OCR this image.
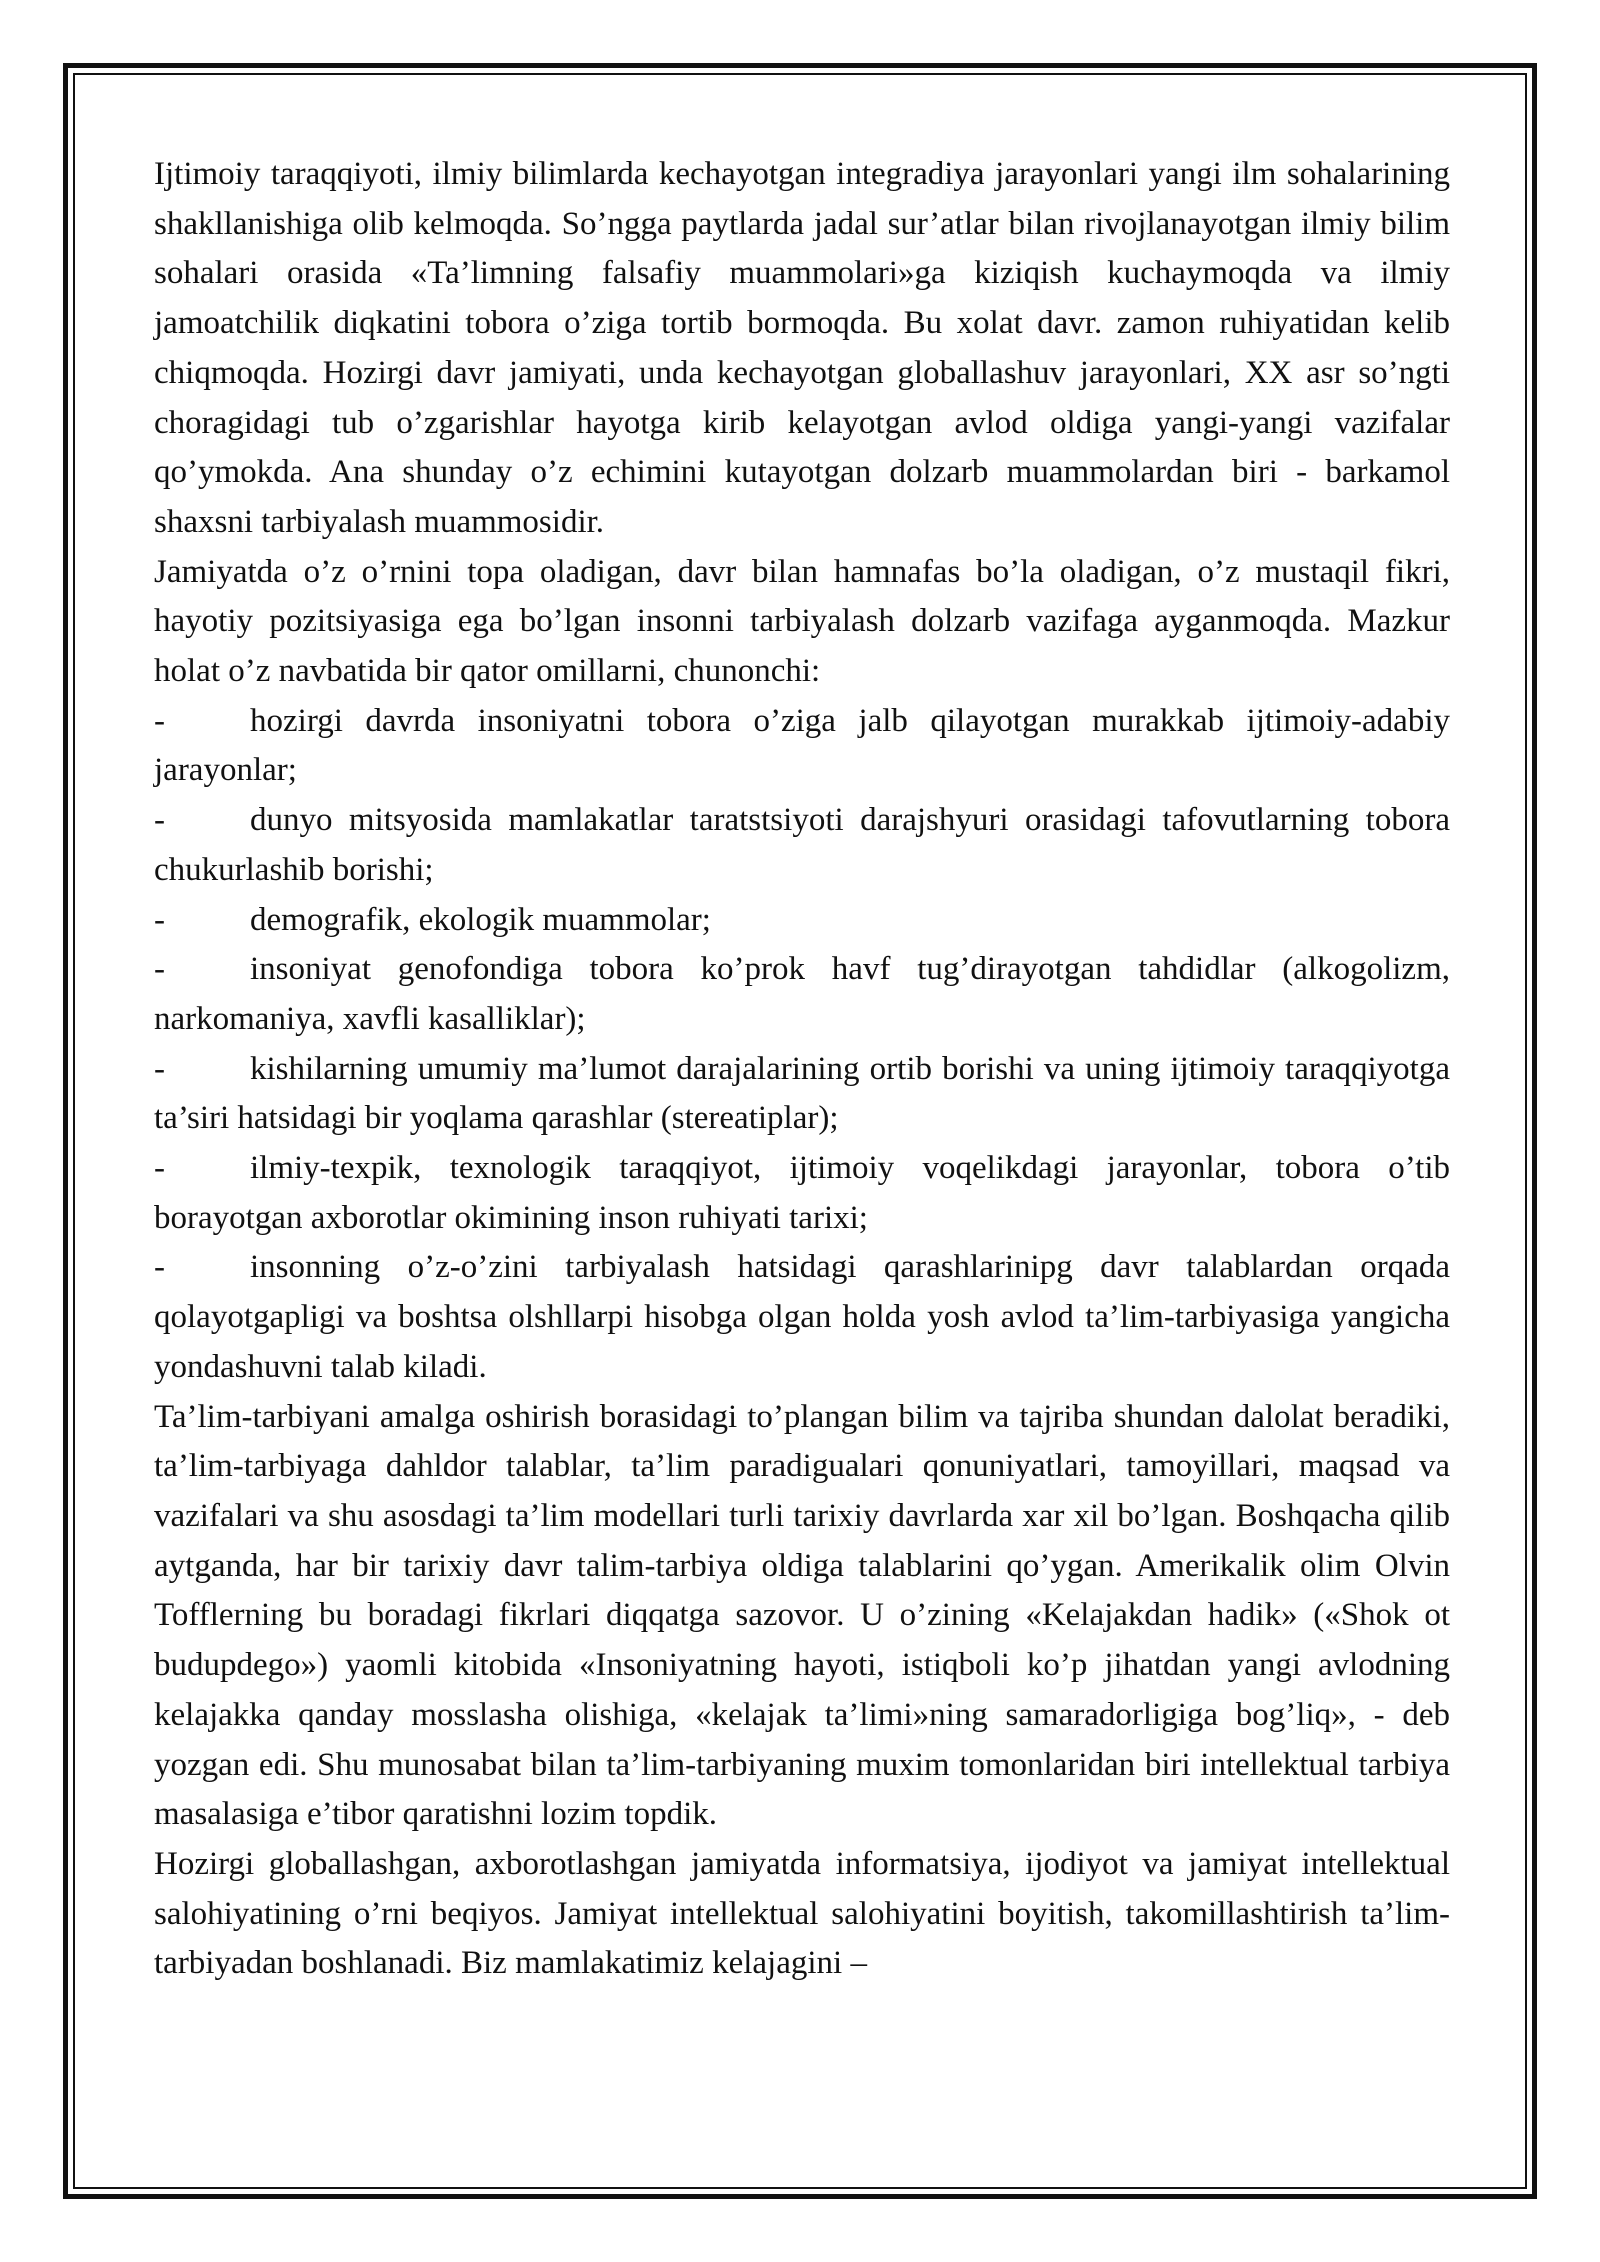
Ijtimoiy taraqqiyoti, ilmiy bilimlarda kechayotgan integradiya jarayonlari yangi ilm sohalarining shakllanishiga olib kelmoqda. So’ngga paytlarda jadal sur’atlar bilan rivojlanayotgan ilmiy bilim sohalari orasida «Ta’limning falsafiy muammolari»ga kiziqish kuchaymoqda va ilmiy jamoatchilik diqkatini tobora o’ziga tortib bormoqda. Bu xolat davr. zamon ruhiyatidan kelib chiqmoqda. Hozirgi davr jamiyati, unda kechayotgan globallashuv jarayonlari, XX asr so’ngti choragidagi tub o’zgarishlar hayotga kirib kelayotgan avlod oldiga yangi-yangi vazifalar qo’ymokda. Ana shunday o’z echimini kutayotgan dolzarb muammolardan biri - barkamol shaxsni tarbiyalash muammosidir.

Jamiyatda o’z o’rnini topa oladigan, davr bilan hamnafas bo’la oladigan, o’z mustaqil fikri, hayotiy pozitsiyasiga ega bo’lgan insonni tarbiyalash dolzarb vazifaga ayganmoqda. Mazkur holat o’z navbatida bir qator omillarni, chunonchi:

-	hozirgi davrda insoniyatni tobora o’ziga jalb qilayotgan murakkab ijtimoiy-adabiy jarayonlar;
-	dunyo mitsyosida mamlakatlar taratstsiyoti darajshyuri orasidagi tafovutlarning tobora chukurlashib borishi;
-	demografik, ekologik muammolar;
-	insoniyat genofondiga tobora ko’prok havf tug’dirayotgan tahdidlar (alkogolizm, narkomaniya, xavfli kasalliklar);
-	kishilarning umumiy ma’lumot darajalarining ortib borishi va uning ijtimoiy taraqqiyotga ta’siri hatsidagi bir yoqlama qarashlar (stereatiplar);
-	ilmiy-texpik, texnologik taraqqiyot, ijtimoiy voqelikdagi jarayonlar, tobora o’tib borayotgan axborotlar okimining inson ruhiyati tarixi;
-	insonning o’z-o’zini tarbiyalash hatsidagi qarashlarinipg davr talablardan orqada qolayotgapligi va boshtsa olshllarpi hisobga olgan holda yosh avlod ta’lim-tarbiyasiga yangicha yondashuvni talab kiladi.

Ta’lim-tarbiyani amalga oshirish borasidagi to’plangan bilim va tajriba shundan dalolat beradiki, ta’lim-tarbiyaga dahldor talablar, ta’lim paradigualari qonuniyatlari, tamoyillari, maqsad va vazifalari va shu asosdagi ta’lim modellari turli tarixiy davrlarda xar xil bo’lgan. Boshqacha qilib aytganda, har bir tarixiy davr talim-tarbiya oldiga talablarini qo’ygan. Amerikalik olim Olvin Tofflerning bu boradagi fikrlari diqqatga sazovor. U o’zining «Kelajakdan hadik» («Shok ot budupdego») yaomli kitobida «Insoniyatning hayoti, istiqboli ko’p jihatdan yangi avlodning kelajakka qanday mosslasha olishiga, «kelajak ta’limi»ning samaradorligiga bog’liq», - deb yozgan edi. Shu munosabat bilan ta’lim-tarbiyaning muxim tomonlaridan biri intellektual tarbiya masalasiga e’tibor qaratishni lozim topdik.

Hozirgi globallashgan, axborotlashgan jamiyatda informatsiya, ijodiyot va jamiyat intellektual salohiyatining o’rni beqiyos. Jamiyat intellektual salohiyatini boyitish, takomillashtirish ta’lim-tarbiyadan boshlanadi. Biz mamlakatimiz kelajagini –
